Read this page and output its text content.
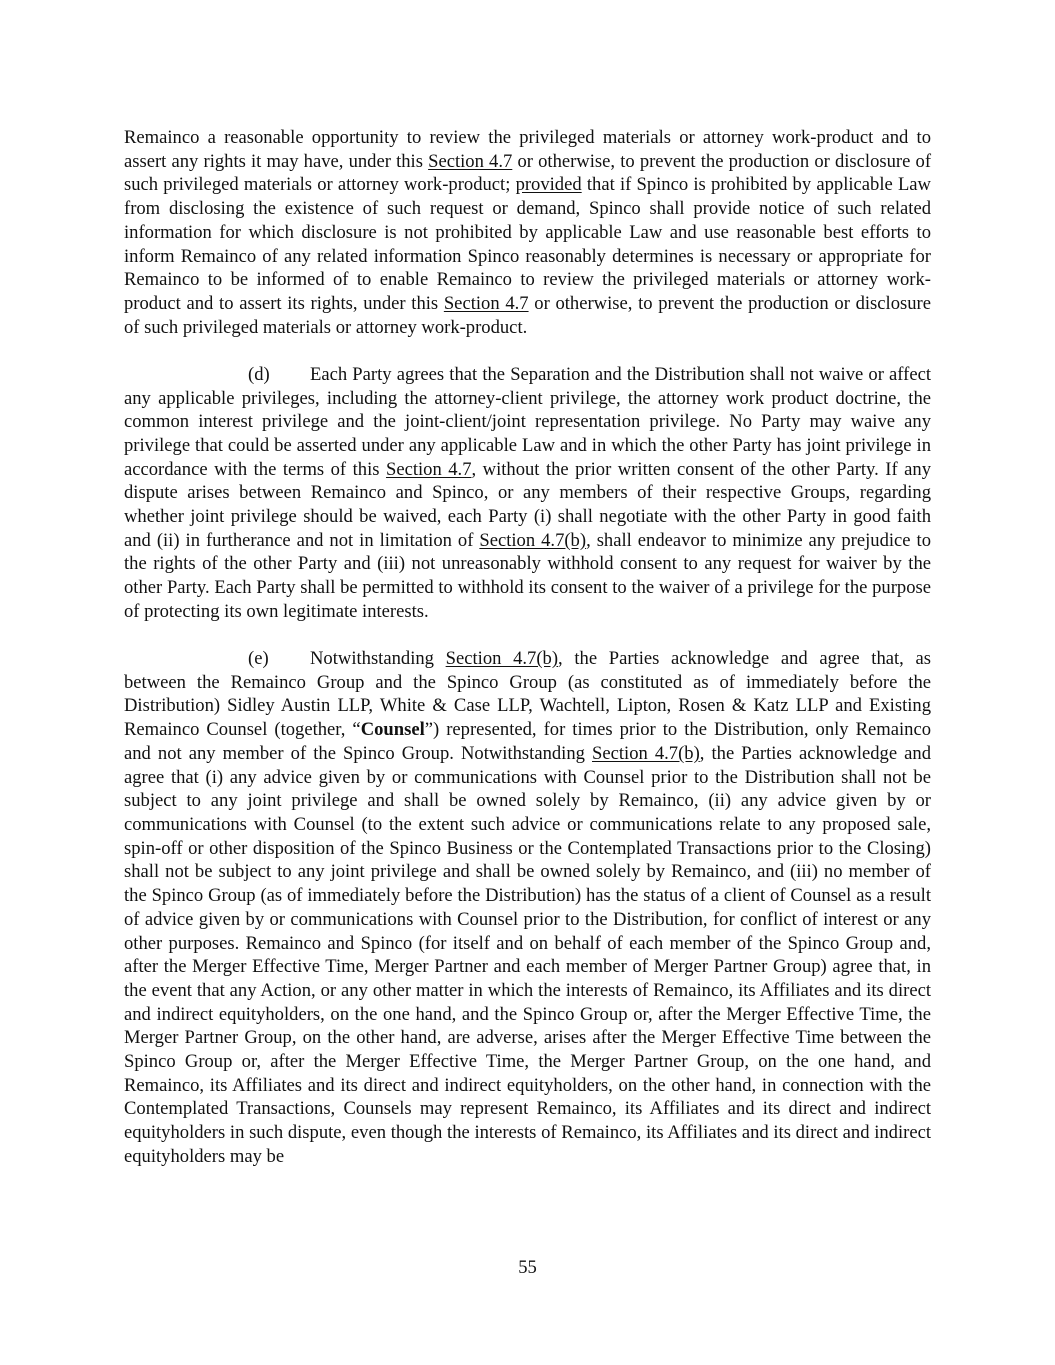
Remainco a reasonable opportunity to review the privileged materials or attorney work-product and to assert any rights it may have, under this Section 4.7 or otherwise, to prevent the production or disclosure of such privileged materials or attorney work-product; provided that if Spinco is prohibited by applicable Law from disclosing the existence of such request or demand, Spinco shall provide notice of such related information for which disclosure is not prohibited by applicable Law and use reasonable best efforts to inform Remainco of any related information Spinco reasonably determines is necessary or appropriate for Remainco to be informed of to enable Remainco to review the privileged materials or attorney work-product and to assert its rights, under this Section 4.7 or otherwise, to prevent the production or disclosure of such privileged materials or attorney work-product.

(d) Each Party agrees that the Separation and the Distribution shall not waive or affect any applicable privileges, including the attorney-client privilege, the attorney work product doctrine, the common interest privilege and the joint-client/joint representation privilege. No Party may waive any privilege that could be asserted under any applicable Law and in which the other Party has joint privilege in accordance with the terms of this Section 4.7, without the prior written consent of the other Party. If any dispute arises between Remainco and Spinco, or any members of their respective Groups, regarding whether joint privilege should be waived, each Party (i) shall negotiate with the other Party in good faith and (ii) in furtherance and not in limitation of Section 4.7(b), shall endeavor to minimize any prejudice to the rights of the other Party and (iii) not unreasonably withhold consent to any request for waiver by the other Party. Each Party shall be permitted to withhold its consent to the waiver of a privilege for the purpose of protecting its own legitimate interests.

(e) Notwithstanding Section 4.7(b), the Parties acknowledge and agree that, as between the Remainco Group and the Spinco Group (as constituted as of immediately before the Distribution) Sidley Austin LLP, White & Case LLP, Wachtell, Lipton, Rosen & Katz LLP and Existing Remainco Counsel (together, “Counsel”) represented, for times prior to the Distribution, only Remainco and not any member of the Spinco Group. Notwithstanding Section 4.7(b), the Parties acknowledge and agree that (i) any advice given by or communications with Counsel prior to the Distribution shall not be subject to any joint privilege and shall be owned solely by Remainco, (ii) any advice given by or communications with Counsel (to the extent such advice or communications relate to any proposed sale, spin-off or other disposition of the Spinco Business or the Contemplated Transactions prior to the Closing) shall not be subject to any joint privilege and shall be owned solely by Remainco, and (iii) no member of the Spinco Group (as of immediately before the Distribution) has the status of a client of Counsel as a result of advice given by or communications with Counsel prior to the Distribution, for conflict of interest or any other purposes. Remainco and Spinco (for itself and on behalf of each member of the Spinco Group and, after the Merger Effective Time, Merger Partner and each member of Merger Partner Group) agree that, in the event that any Action, or any other matter in which the interests of Remainco, its Affiliates and its direct and indirect equityholders, on the one hand, and the Spinco Group or, after the Merger Effective Time, the Merger Partner Group, on the other hand, are adverse, arises after the Merger Effective Time between the Spinco Group or, after the Merger Effective Time, the Merger Partner Group, on the one hand, and Remainco, its Affiliates and its direct and indirect equityholders, on the other hand, in connection with the Contemplated Transactions, Counsels may represent Remainco, its Affiliates and its direct and indirect equityholders in such dispute, even though the interests of Remainco, its Affiliates and its direct and indirect equityholders may be

55
